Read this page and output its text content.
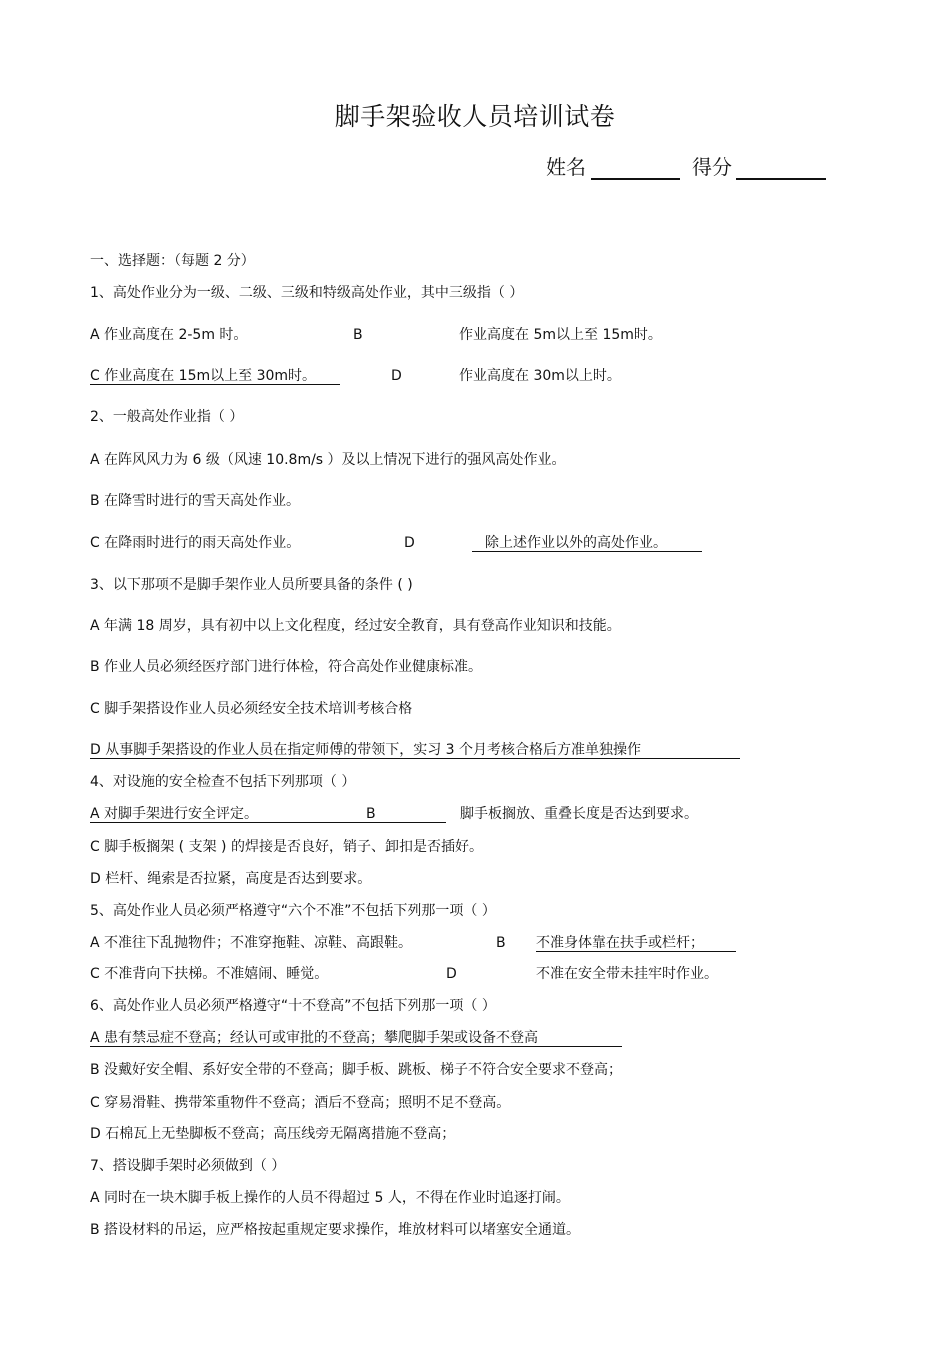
脚手架验收人员培训试卷
姓名	得分
一、选择题：（每题 2 分）
1、高处作业分为一级、二级、三级和特级高处作业，其中三级指（ ）
A 作业高度在 2-5m 时。	B	作业高度在 5m以上至 15m时。
C 作业高度在 15m以上至 30m时。	D	作业高度在 30m以上时。
2、一般高处作业指（ ）
A 在阵风风力为 6 级（风速 10.8m/s ）及以上情况下进行的强风高处作业。
B 在降雪时进行的雪天高处作业。
C 在降雨时进行的雨天高处作业。	D	除上述作业以外的高处作业。
3、以下那项不是脚手架作业人员所要具备的条件 ( )
A 年满 18 周岁，具有初中以上文化程度，经过安全教育，具有登高作业知识和技能。
B 作业人员必须经医疗部门进行体检，符合高处作业健康标准。
C 脚手架搭设作业人员必须经安全技术培训考核合格
D 从事脚手架搭设的作业人员在指定师傅的带领下，实习 3 个月考核合格后方准单独操作
4、对设施的安全检查不包括下列那项（ ）
A 对脚手架进行安全评定。	B	脚手板搁放、重叠长度是否达到要求。
C 脚手板搁架 ( 支架 ) 的焊接是否良好，销子、卸扣是否插好。
D 栏杆、绳索是否拉紧，高度是否达到要求。
5、高处作业人员必须严格遵守“六个不准”不包括下列那一项（ ）
A 不准往下乱抛物件；不准穿拖鞋、凉鞋、高跟鞋。	B 不准身体靠在扶手或栏杆；
C 不准背向下扶梯。不准嬉闹、睡觉。	D	不准在安全带未挂牢时作业。
6、高处作业人员必须严格遵守“十不登高”不包括下列那一项（ ）
A 患有禁忌症不登高；经认可或审批的不登高；攀爬脚手架或设备不登高
B 没戴好安全帽、系好安全带的不登高；脚手板、跳板、梯子不符合安全要求不登高；
C 穿易滑鞋、携带笨重物件不登高；酒后不登高；照明不足不登高。
D 石棉瓦上无垫脚板不登高；高压线旁无隔离措施不登高；
7、搭设脚手架时必须做到（ ）
A 同时在一块木脚手板上操作的人员不得超过 5 人，不得在作业时追逐打闹。
B 搭设材料的吊运，应严格按起重规定要求操作，堆放材料可以堵塞安全通道。
